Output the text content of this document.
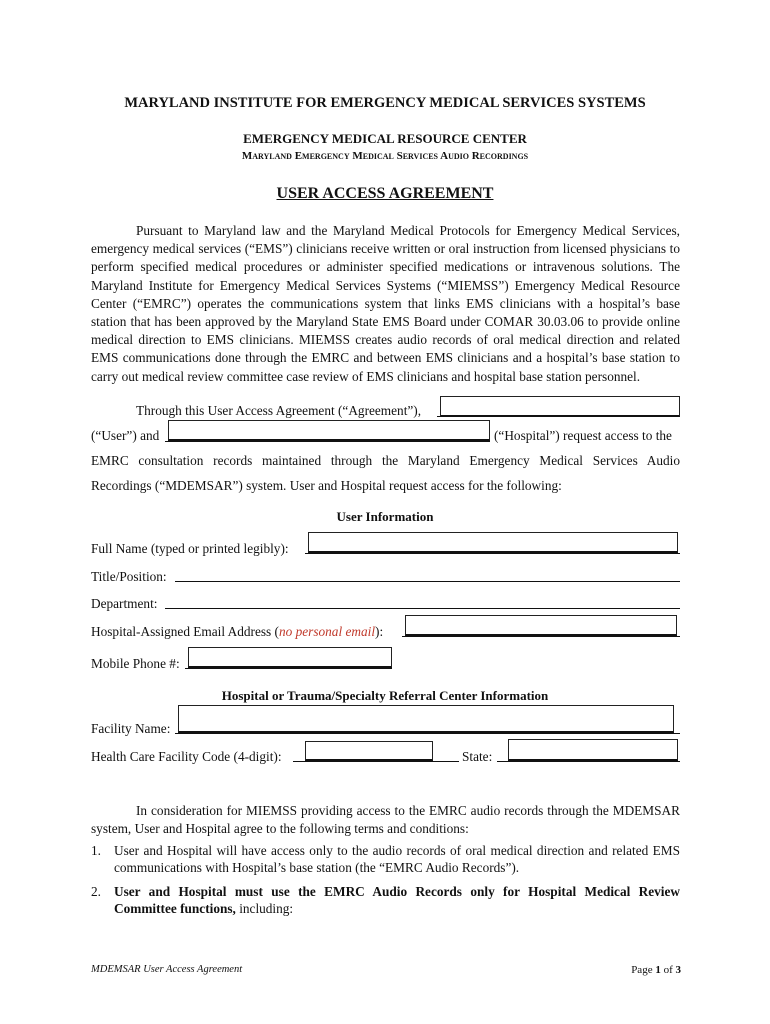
MARYLAND INSTITUTE FOR EMERGENCY MEDICAL SERVICES SYSTEMS
EMERGENCY MEDICAL RESOURCE CENTER
Maryland Emergency Medical Services Audio Recordings
USER ACCESS AGREEMENT
Pursuant to Maryland law and the Maryland Medical Protocols for Emergency Medical Services, emergency medical services (“EMS”) clinicians receive written or oral instruction from licensed physicians to perform specified medical procedures or administer specified medications or intravenous solutions. The Maryland Institute for Emergency Medical Services Systems (“MIEMSS”) Emergency Medical Resource Center (“EMRC”) operates the communications system that links EMS clinicians with a hospital’s base station that has been approved by the Maryland State EMS Board under COMAR 30.03.06 to provide online medical direction to EMS clinicians. MIEMSS creates audio records of oral medical direction and related EMS communications done through the EMRC and between EMS clinicians and a hospital’s base station to carry out medical review committee case review of EMS clinicians and hospital base station personnel.
Through this User Access Agreement (“Agreement”),
(“User”) and	(“Hospital”) request access to the
EMRC consultation records maintained through the Maryland Emergency Medical Services Audio
Recordings (“MDEMSAR”) system. User and Hospital request access for the following:
User Information
Full Name (typed or printed legibly):
Title/Position:
Department:
Hospital-Assigned Email Address (no personal email):
Mobile Phone #:
Hospital or Trauma/Specialty Referral Center Information
Facility Name:
Health Care Facility Code (4-digit):	State:
In consideration for MIEMSS providing access to the EMRC audio records through the MDEMSAR system, User and Hospital agree to the following terms and conditions:
1. User and Hospital will have access only to the audio records of oral medical direction and related EMS communications with Hospital’s base station (the “EMRC Audio Records”).
2. User and Hospital must use the EMRC Audio Records only for Hospital Medical Review Committee functions, including:
MDEMSAR User Access Agreement	Page 1 of 3
